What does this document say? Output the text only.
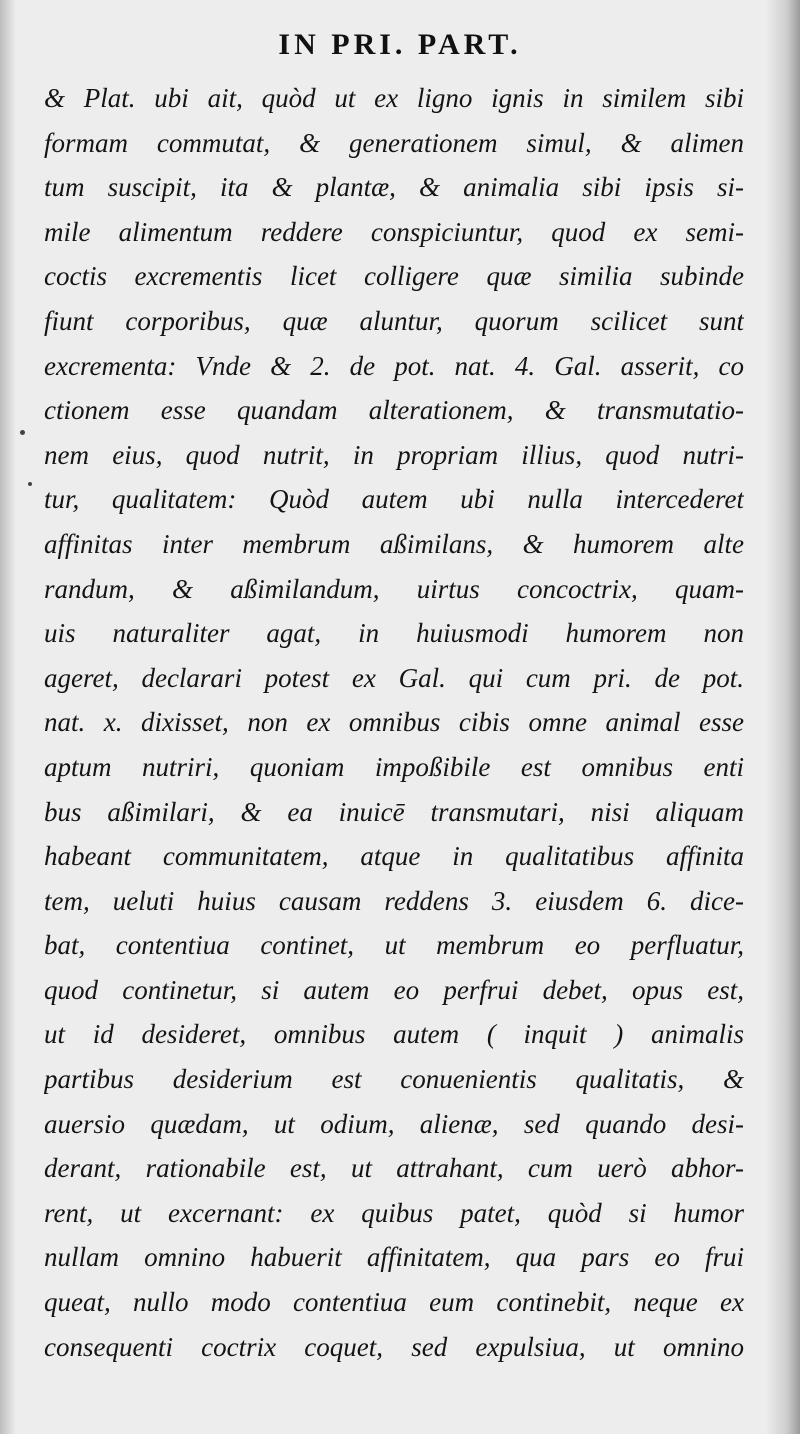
IN PRI. PART.
& Plat. ubi ait, quòd ut ex ligno ignis in similem sibi
formam commutat, & generationem simul, & alimen
tum suscipit, ita & plantæ, & animalia sibi ipsis si-
mile alimentum reddere conspiciuntur, quod ex semi-
coctis excrementis licet colligere quæ similia subinde
fiunt corporibus, quæ aluntur, quorum scilicet sunt
excrementa: Vnde & 2. de pot. nat. 4. Gal. asserit, co
ctionem esse quandam alterationem, & transmutatio-
nem eius, quod nutrit, in propriam illius, quod nutri-
tur, qualitatem: Quòd autem ubi nulla intercederet
affinitas inter membrum aßimilans, & humorem alte
randum, & aßimilandum, uirtus concoctrix, quam-
uis naturaliter agat, in huiusmodi humorem non
ageret, declarari potest ex Gal. qui cum pri. de pot.
nat. x. dixisset, non ex omnibus cibis omne animal esse
aptum nutriri, quoniam impoßibile est omnibus enti
bus aßimilari, & ea inuicē transmutari, nisi aliquam
habeant communitatem, atque in qualitatibus affinita
tem, ueluti huius causam reddens 3. eiusdem 6. dice-
bat, contentiua continet, ut membrum eo perfluatur,
quod continetur, si autem eo perfrui debet, opus est,
ut id desideret, omnibus autem ( inquit ) animalis
partibus desiderium est conuenientis qualitatis, &
auersio quædam, ut odium, alienæ, sed quando desi-
derant, rationabile est, ut attrahant, cum uerò abhor-
rent, ut excernant: ex quibus patet, quòd si humor
nullam omnino habuerit affinitatem, qua pars eo frui
queat, nullo modo contentiua eum continebit, neque ex
consequenti coctrix coquet, sed expulsiua, ut omnino
